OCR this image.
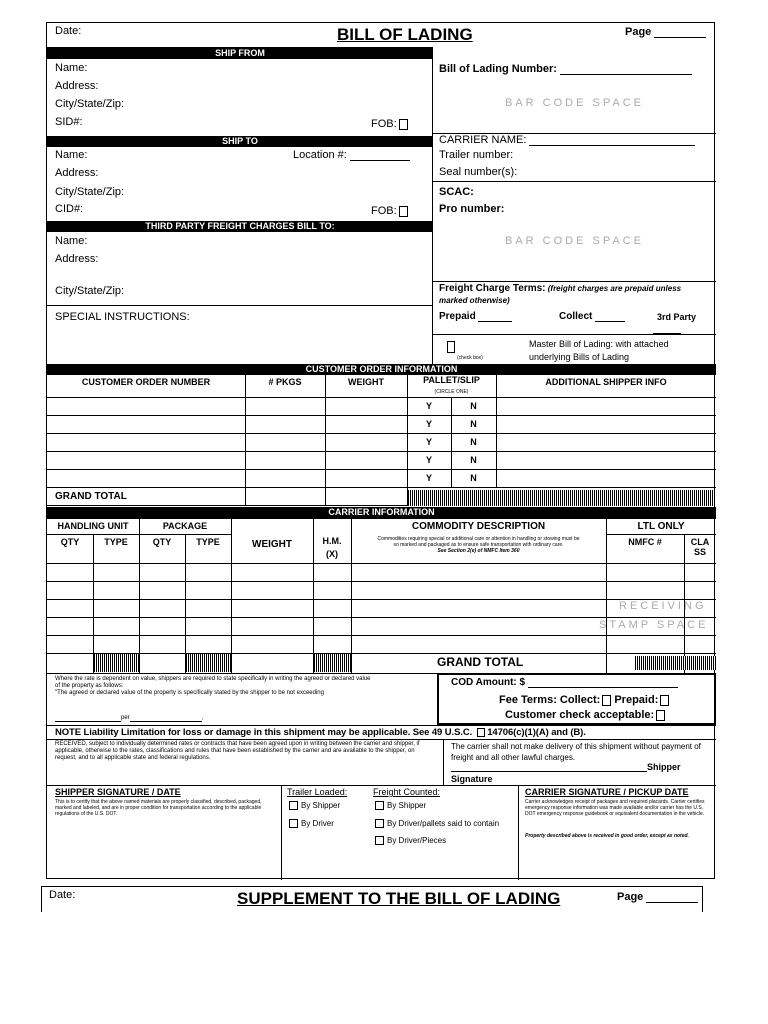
Date:	BILL OF LADING	Page
SHIP FROM
Name:
Address:
City/State/Zip:
SID#:	FOB:
SHIP TO
Name:	Location #:
Address:
City/State/Zip:
CID#:	FOB:
THIRD PARTY FREIGHT CHARGES BILL TO:
Name:
Address:
City/State/Zip:
SPECIAL INSTRUCTIONS:
Bill of Lading Number:
BAR CODE SPACE
CARRIER NAME:
Trailer number:
Seal number(s):
SCAC:
Pro number:
BAR CODE SPACE
Freight Charge Terms: (freight charges are prepaid unless marked otherwise)
Prepaid	Collect	3rd Party
(check box)
Master Bill of Lading: with attached underlying Bills of Lading
CUSTOMER ORDER INFORMATION
CUSTOMER ORDER NUMBER	# PKGS	WEIGHT	PALLET/SLIP
(CIRCLE ONE)
ADDITIONAL SHIPPER INFO
Y	N
Y	N
Y	N
Y	N
Y	N
GRAND TOTAL
CARRIER INFORMATION
HANDLING UNIT	PACKAGE
QTY	TYPE	QTY	TYPE	WEIGHT	H.M.
(X)
COMMODITY DESCRIPTION
Commodities requiring special or additional care or attention in handling or stowing must be
so marked and packaged as to ensure safe transportation with ordinary care.
See Section 2(e) of NMFC Item 360
LTL ONLY
NMFC #	CLA
SS
RECEIVING
STAMP SPACE
GRAND TOTAL
Where the rate is dependent on value, shippers are required to state specifically in writing the agreed or declared value
of the property as follows:
"The agreed or declared value of the property is specifically stated by the shipper to be not exceeding
per	,
COD Amount: $
Fee Terms: Collect: Prepaid:
Customer check acceptable:
NOTE Liability Limitation for loss or damage in this shipment may be applicable. See 49 U.S.C. 14706(c)(1)(A) and (B).
RECEIVED, subject to individually determined rates or contracts that have been agreed upon in writing between the carrier and shipper, if applicable, otherwise to the rates, classifications and rules that have been established by the carrier and are available to the shipper, on request, and to all applicable state and federal regulations.
The carrier shall not make delivery of this shipment without payment of freight and all other lawful charges.
Shipper
Signature
SHIPPER SIGNATURE / DATE
This is to certify that the above named materials are properly classified, described, packaged, marked and labeled, and are in proper condition for transportation according to the applicable regulations of the U.S. DOT.
Trailer Loaded:
By Shipper
By Driver
Freight Counted:
By Shipper
By Driver/pallets said to contain
By Driver/Pieces
CARRIER SIGNATURE / PICKUP DATE
Carrier acknowledges receipt of packages and required placards. Carrier certifies emergency response information was made available and/or carrier has the U.S. DOT emergency response guidebook or equivalent documentation in the vehicle.
Property described above is received in good order, except as noted.
Date:	SUPPLEMENT TO THE BILL OF LADING	Page
